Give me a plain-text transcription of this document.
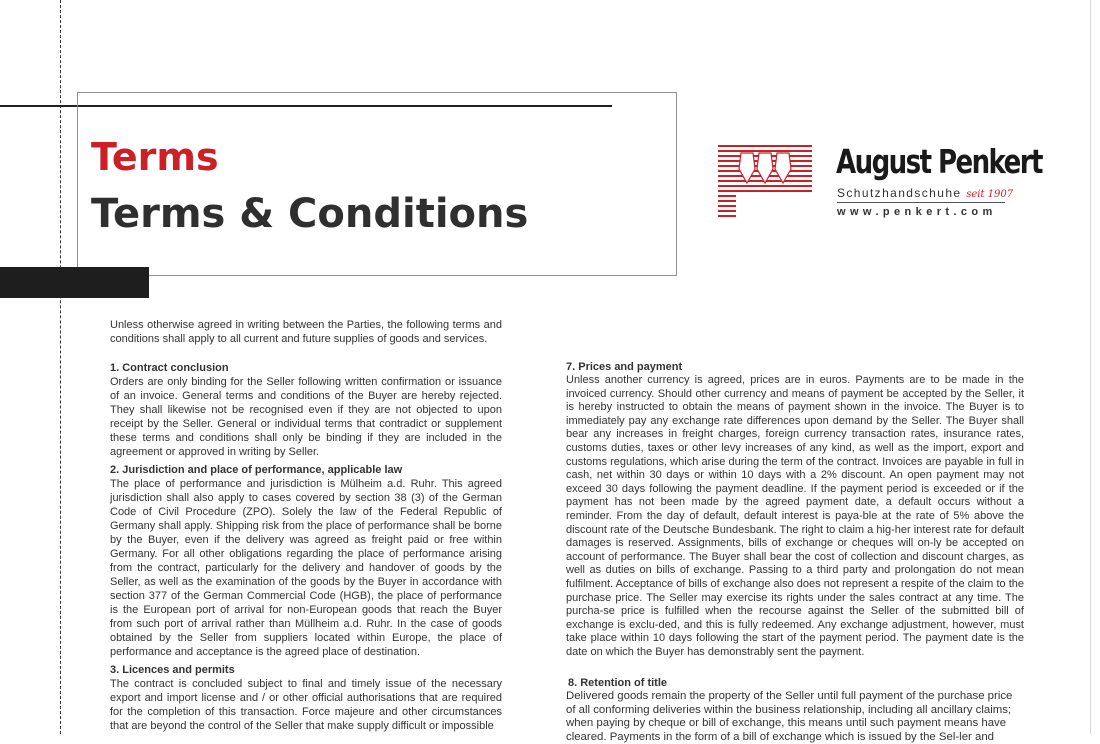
Terms
Terms & Conditions
August Penkert
Schutzhandschuhe seit 1907
www.penkert.com

Unless otherwise agreed in writing between the Parties, the following terms and conditions shall apply to all current and future supplies of goods and services.

1. Contract conclusion

Orders are only binding for the Seller following written confirmation or issuance of an invoice. General terms and conditions of the Buyer are hereby rejected. They shall likewise not be recognised even if they are not objected to upon receipt by the Seller. General or individual terms that contradict or supplement these terms and conditions shall only be binding if they are included in the agreement or approved in writing by Seller.

2. Jurisdiction and place of performance, applicable law

The place of performance and jurisdiction is Mülheim a.d. Ruhr. This agreed jurisdiction shall also apply to cases covered by section 38 (3) of the German Code of Civil Procedure (ZPO). Solely the law of the Federal Republic of Germany shall apply. Shipping risk from the place of performance shall be borne by the Buyer, even if the delivery was agreed as freight paid or free within Germany. For all other obligations regarding the place of performance arising from the contract, particularly for the delivery and handover of goods by the Seller, as well as the examination of the goods by the Buyer in accordance with section 377 of the German Commercial Code (HGB), the place of performance is the European port of arrival for non-European goods that reach the Buyer from such port of arrival rather than Müllheim a.d. Ruhr. In the case of goods obtained by the Seller from suppliers located within Europe, the place of performance and acceptance is the agreed place of destination.

3. Licences and permits

The contract is concluded subject to final and timely issue of the necessary export and import license and / or other official authorisations that are required for the completion of this transaction. Force majeure and other circumstances that are beyond the control of the Seller that make supply difficult or impossible

7. Prices and payment

Unless another currency is agreed, prices are in euros. Payments are to be made in the invoiced currency. Should other currency and means of payment be accepted by the Seller, it is hereby instructed to obtain the means of payment shown in the invoice. The Buyer is to immediately pay any exchange rate differences upon demand by the Seller. The Buyer shall bear any increases in freight charges, foreign currency transaction rates, insurance rates, customs duties, taxes or other levy increases of any kind, as well as the import, export and customs regulations, which arise during the term of the contract. Invoices are payable in full in cash, net within 30 days or within 10 days with a 2% discount. An open payment may not exceed 30 days following the payment deadline. If the payment period is exceeded or if the payment has not been made by the agreed payment date, a default occurs without a reminder. From the day of default, default interest is paya-ble at the rate of 5% above the discount rate of the Deutsche Bundesbank. The right to claim a hig-her interest rate for default damages is reserved. Assignments, bills of exchange or cheques will on-ly be accepted on account of performance. The Buyer shall bear the cost of collection and discount charges, as well as duties on bills of exchange. Passing to a third party and prolongation do not mean fulfilment. Acceptance of bills of exchange also does not represent a respite of the claim to the purchase price. The Seller may exercise its rights under the sales contract at any time. The purcha-se price is fulfilled when the recourse against the Seller of the submitted bill of exchange is exclu-ded, and this is fully redeemed. Any exchange adjustment, however, must take place within 10 days following the start of the payment period. The payment date is the date on which the Buyer has demonstrably sent the payment.

8. Retention of title

Delivered goods remain the property of the Seller until full payment of the purchase price of all conforming deliveries within the business relationship, including all ancillary claims; when paying by cheque or bill of exchange, this means until such payment means have cleared. Payments in the form of a bill of exchange which is issued by the Sel-ler and
